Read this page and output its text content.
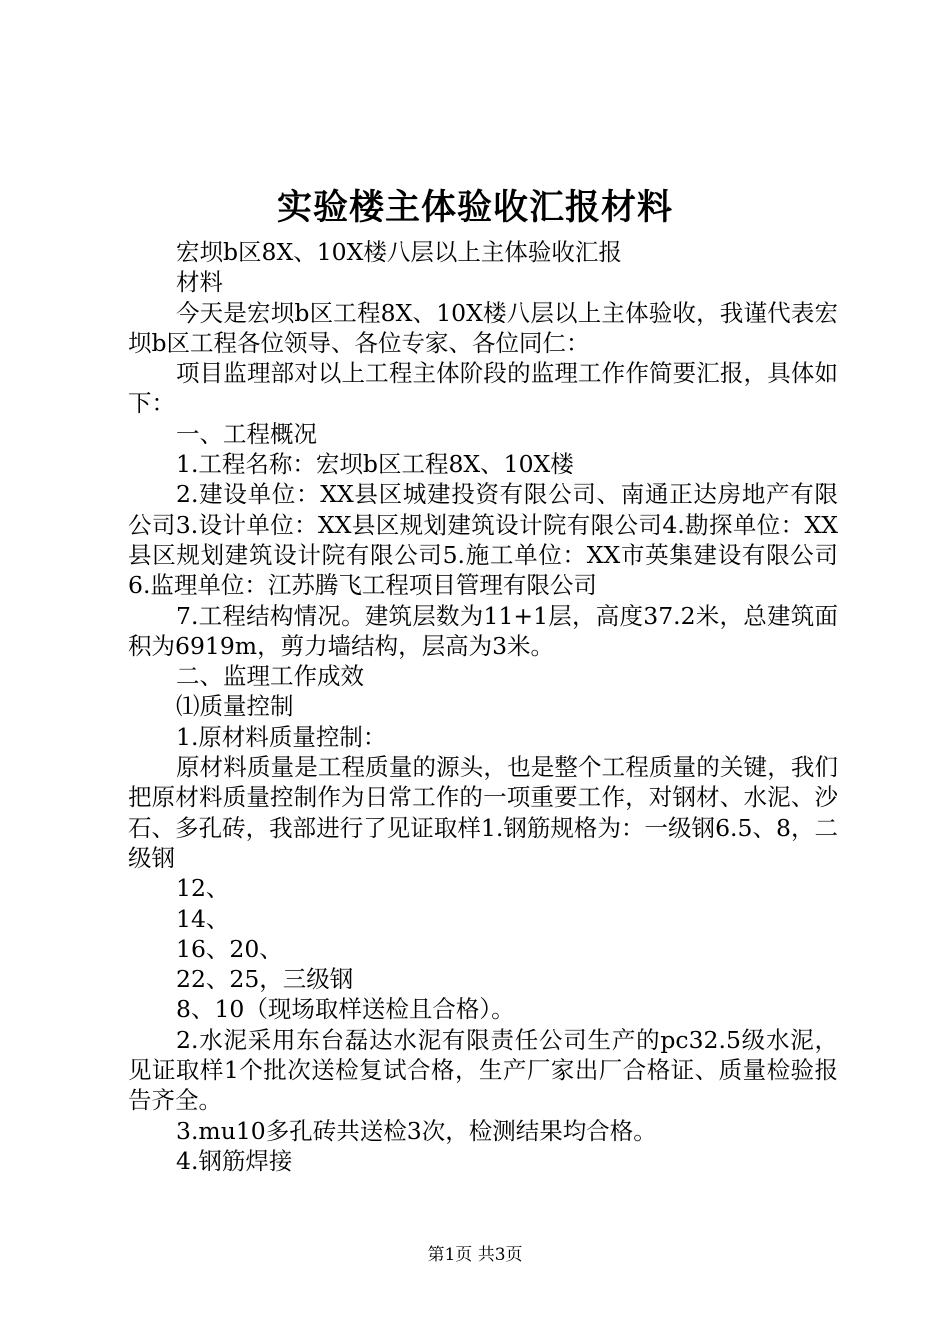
实验楼主体验收汇报材料

宏坝b区8X、10X楼八层以上主体验收汇报

材料

今天是宏坝b区工程8X、10X楼八层以上主体验收，我谨代表宏坝b区工程各位领导、各位专家、各位同仁：

项目监理部对以上工程主体阶段的监理工作作简要汇报，具体如下：

一、工程概况

1.工程名称：宏坝b区工程8X、10X楼

2.建设单位：XX县区城建投资有限公司、南通正达房地产有限公司3.设计单位：XX县区规划建筑设计院有限公司4.勘探单位：XX县区规划建筑设计院有限公司5.施工单位：XX市英集建设有限公司6.监理单位：江苏腾飞工程项目管理有限公司

7.工程结构情况。建筑层数为11+1层，高度37.2米，总建筑面积为6919m，剪力墙结构，层高为3米。

二、监理工作成效

⑴质量控制

1.原材料质量控制：

原材料质量是工程质量的源头，也是整个工程质量的关键，我们把原材料质量控制作为日常工作的一项重要工作，对钢材、水泥、沙石、多孔砖，我部进行了见证取样1.钢筋规格为：一级钢6.5、8，二级钢

12、

14、

16、20、

22、25，三级钢

8、10（现场取样送检且合格）。

2.水泥采用东台磊达水泥有限责任公司生产的pc32.5级水泥，见证取样1个批次送检复试合格，生产厂家出厂合格证、质量检验报告齐全。

3.mu10多孔砖共送检3次，检测结果均合格。

4.钢筋焊接

第1页 共3页
